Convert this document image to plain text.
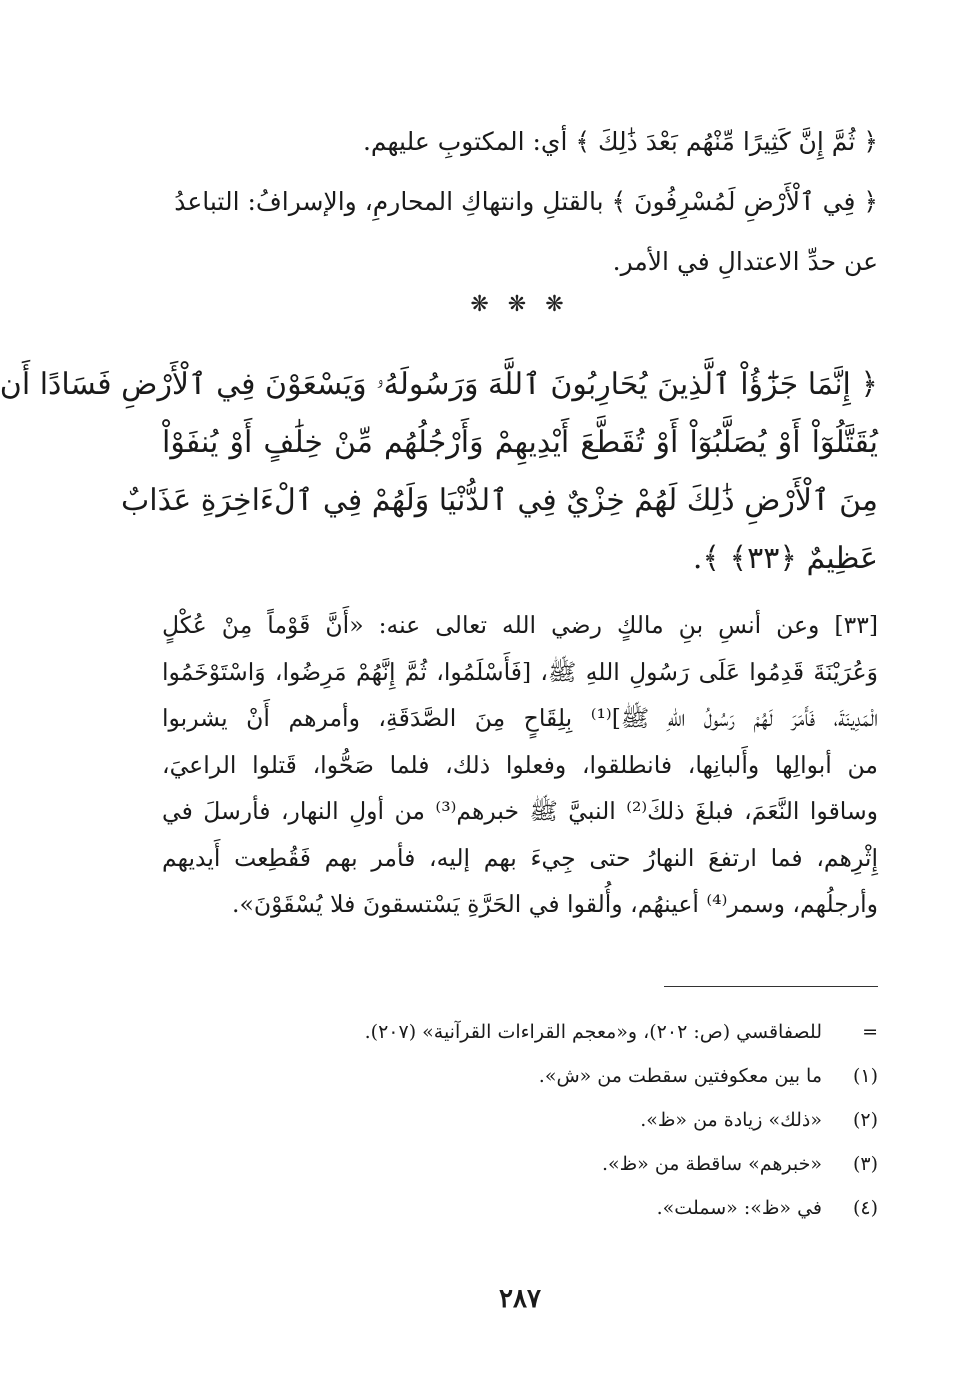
﴿ ثُمَّ إِنَّ كَثِيرًا مِّنْهُم بَعْدَ ذَٰلِكَ ﴾ أي: المكتوبِ عليهم.
﴿ فِي ٱلْأَرْضِ لَمُسْرِفُونَ ﴾ بالقتلِ وانتهاكِ المحارمِ، والإسرافُ: التباعدُ
عن حدِّ الاعتدالِ في الأمر.
❋ ❋ ❋
﴿ إِنَّمَا جَزَٰٓؤُاْ ٱلَّذِينَ يُحَارِبُونَ ٱللَّهَ وَرَسُولَهُۥ وَيَسْعَوْنَ فِي ٱلْأَرْضِ فَسَادًا أَن
يُقَتَّلُوٓاْ أَوْ يُصَلَّبُوٓاْ أَوْ تُقَطَّعَ أَيْدِيهِمْ وَأَرْجُلُهُم مِّنْ خِلَٰفٍ أَوْ يُنفَوْاْ
مِنَ ٱلْأَرْضِ ذَٰلِكَ لَهُمْ خِزْيٌ فِي ٱلدُّنْيَا وَلَهُمْ فِي ٱلْءَاخِرَةِ عَذَابٌ
عَظِيمٌ ﴿٣٣﴾ ﴾.
[٣٣] وعن أنسِ بنِ مالكٍ رضي الله تعالى عنه: «أَنَّ قَوْماً مِنْ عُكْلٍ
وَعُرَيْنَةَ قَدِمُوا عَلَى رَسُولِ اللهِ ﷺ، [فَأَسْلَمُوا، ثُمَّ إِنَّهُمْ مَرِضُوا، وَاسْتَوْخَمُوا
الْمَدِينَةَ، فَأَمَرَ لَهُمْ رَسُولُ اللهِ ﷺ]⁽¹⁾ بِلِقَاحٍ مِنَ الصَّدَقَةِ، وأمرهم أَنْ يشربوا
من أبوالِها وأَلبانِها، فانطلقوا، وفعلوا ذلك، فلما صَحُّوا، قَتلوا الراعيَ،
وساقوا النَّعَمَ، فبلغَ ذلكَ⁽²⁾ النبيَّ ﷺ خبرهم⁽³⁾ من أولِ النهار، فأرسلَ في
إِثْرِهم، فما ارتفعَ النهارُ حتى جِيءَ بهم إليه، فأمر بهم فَقُطِعت أَيديهم
وأرجلُهم، وسمر⁽⁴⁾ أعينهُم، وأُلقوا في الحَرَّةِ يَسْتسقونَ فلا يُسْقَوْنَ».
=
للصفاقسي (ص: ٢٠٢)، و«معجم القراءات القرآنية» (٢٠٧).
(١)
ما بين معكوفتين سقطت من «ش».
(٢)
«ذلك» زيادة من «ظ».
(٣)
«خبرهم» ساقطة من «ظ».
(٤)
في «ظ»: «سملت».
٢٨٧
